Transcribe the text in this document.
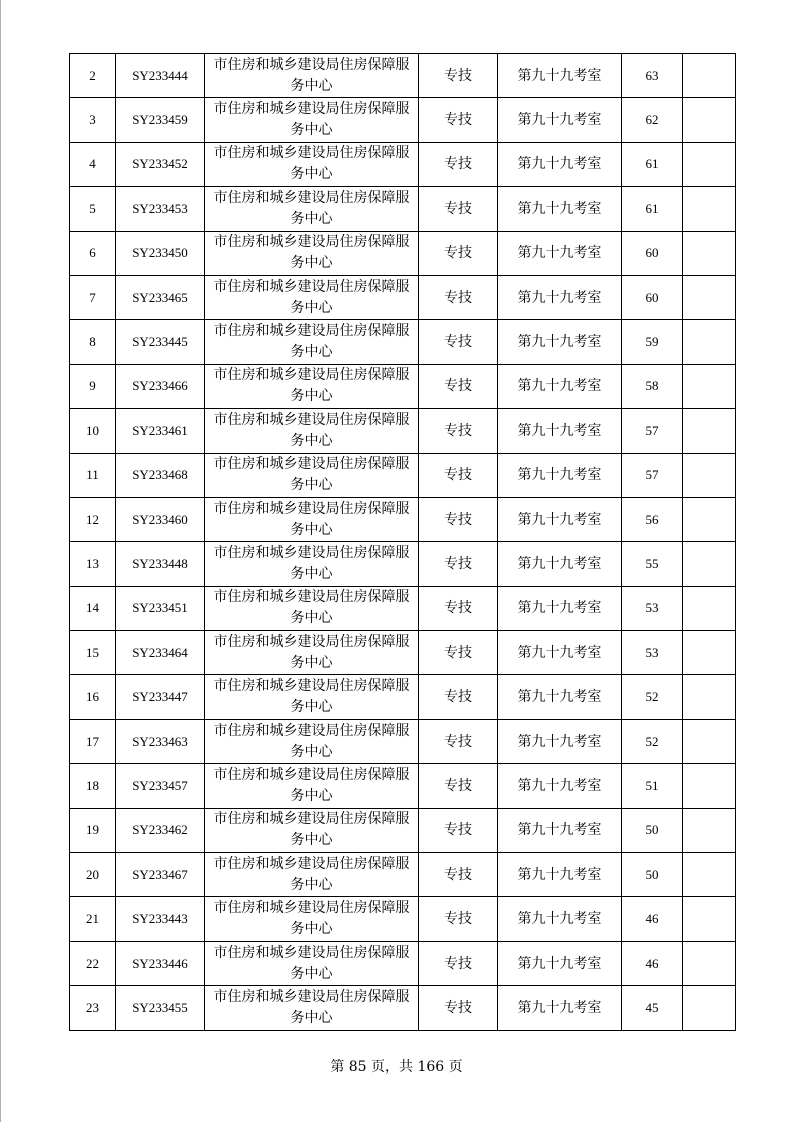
2	SY233444	市住房和城乡建设局住房保障服务中心	专技	第九十九考室	63	
3	SY233459	市住房和城乡建设局住房保障服务中心	专技	第九十九考室	62	
4	SY233452	市住房和城乡建设局住房保障服务中心	专技	第九十九考室	61	
5	SY233453	市住房和城乡建设局住房保障服务中心	专技	第九十九考室	61	
6	SY233450	市住房和城乡建设局住房保障服务中心	专技	第九十九考室	60	
7	SY233465	市住房和城乡建设局住房保障服务中心	专技	第九十九考室	60	
8	SY233445	市住房和城乡建设局住房保障服务中心	专技	第九十九考室	59	
9	SY233466	市住房和城乡建设局住房保障服务中心	专技	第九十九考室	58	
10	SY233461	市住房和城乡建设局住房保障服务中心	专技	第九十九考室	57	
11	SY233468	市住房和城乡建设局住房保障服务中心	专技	第九十九考室	57	
12	SY233460	市住房和城乡建设局住房保障服务中心	专技	第九十九考室	56	
13	SY233448	市住房和城乡建设局住房保障服务中心	专技	第九十九考室	55	
14	SY233451	市住房和城乡建设局住房保障服务中心	专技	第九十九考室	53	
15	SY233464	市住房和城乡建设局住房保障服务中心	专技	第九十九考室	53	
16	SY233447	市住房和城乡建设局住房保障服务中心	专技	第九十九考室	52	
17	SY233463	市住房和城乡建设局住房保障服务中心	专技	第九十九考室	52	
18	SY233457	市住房和城乡建设局住房保障服务中心	专技	第九十九考室	51	
19	SY233462	市住房和城乡建设局住房保障服务中心	专技	第九十九考室	50	
20	SY233467	市住房和城乡建设局住房保障服务中心	专技	第九十九考室	50	
21	SY233443	市住房和城乡建设局住房保障服务中心	专技	第九十九考室	46	
22	SY233446	市住房和城乡建设局住房保障服务中心	专技	第九十九考室	46	
23	SY233455	市住房和城乡建设局住房保障服务中心	专技	第九十九考室	45	
第 85 页，共 166 页
